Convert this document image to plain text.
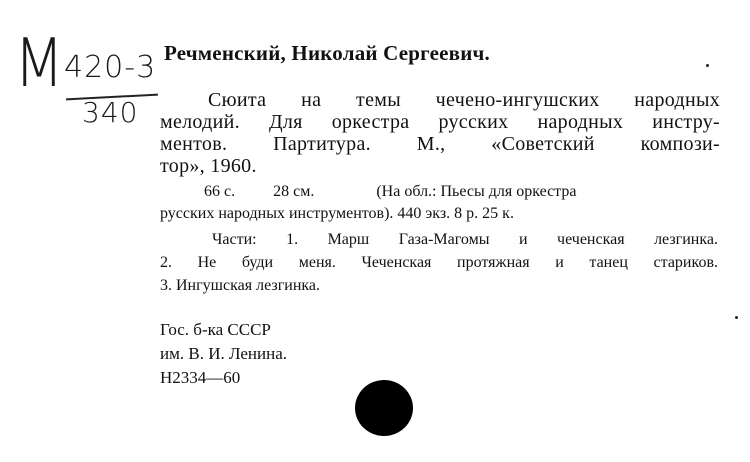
М 420-3
340
Речменский, Николай Сергеевич.
Сюита на темы чечено-ингушских народных
мелодий. Для оркестра русских народных инстру-
ментов. Партитура. М., «Советский компози-
тор», 1960.
66 с. 28 см.	(На обл.: Пьесы для оркестра
русских народных инструментов). 440 экз. 8 р. 25 к.
Части: 1. Марш Газа-Магомы и чеченская лезгинка.
2. Не буди меня. Чеченская протяжная и танец стариков.
3. Ингушская лезгинка.
Гос. б-ка СССР
им. В. И. Ленина.
Н2334—60
